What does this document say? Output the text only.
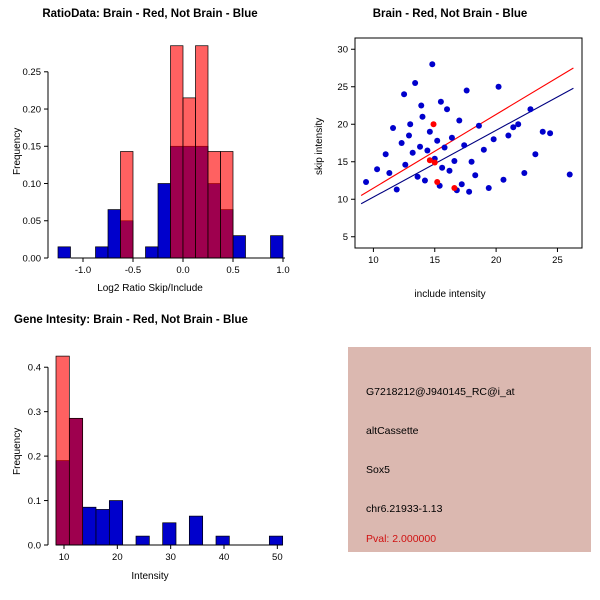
RatioData: Brain - Red, Not Brain - Blue
-1.0	-0.5	0.0	0.5	1.0
0.00
0.05
0.10
0.15
0.20
0.25
Log2 Ratio Skip/Include
Frequency
Brain - Red, Not Brain - Blue
10	15	20	25
5
10
15
20
25
30
include intensity
skip intensity
Gene Intesity: Brain - Red, Not Brain - Blue
10	20	30	40	50
0.0
0.1
0.2
0.3
0.4
Intensity
Frequency
G7218212@J940145_RC@i_at
altCassette
Sox5
chr6.21933-1.13
Pval: 2.000000
